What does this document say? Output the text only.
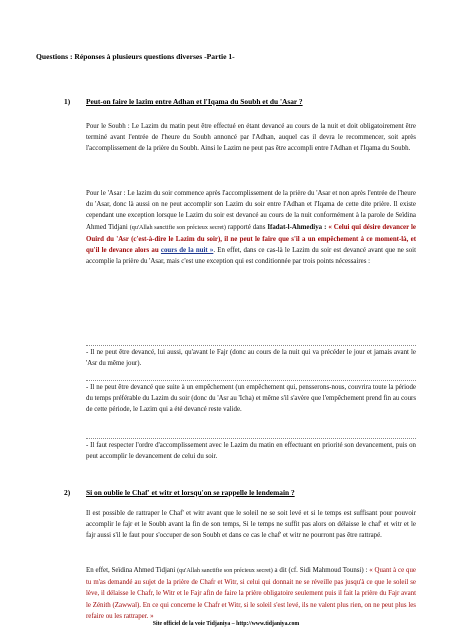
Questions : Réponses à plusieurs questions diverses -Partie 1-
1) Peut-on faire le lazim entre Adhan et l'Iqama du Soubh et du 'Asar ?

Pour le Soubh : Le Lazim du matin peut être effectué en étant devancé au cours de la nuit et doit obligatoirement être terminé avant l'entrée de l'heure du Soubh annoncé par l'Adhan, auquel cas il devra le recommencer, soit après l'accomplissement de la prière du Soubh. Ainsi le Lazim ne peut pas être accompli entre l'Adhan et l'Iqama du Soubh.

Pour le 'Asar : Le lazim du soir commence après l'accomplissement de la prière du 'Asar et non après l'entrée de l'heure du 'Asar, donc là aussi on ne peut accomplir son Lazim du soir entre l'Adhan et l'Iqama de cette dite prière. Il existe cependant une exception lorsque le Lazim du soir est devancé au cours de la nuit conformément à la parole de Seïdina Ahmed Tidjani (qu'Allah sanctifie son précieux secret) rapporté dans Ifadat-l-Ahmediya : « Celui qui désire devancer le Ouird du 'Asr (c'est-à-dire le Lazim du soir), il ne peut le faire que s'il a un empêchement à ce moment-là, et qu'il le devance alors au cours de la nuit ». En effet, dans ce cas-là le Lazim du soir est devancé avant que ne soit accomplie la prière du 'Asar, mais c'est une exception qui est conditionnée par trois points nécessaires :

- Il ne peut être devancé, lui aussi, qu'avant le Fajr (donc au cours de la nuit qui va précéder le jour et jamais avant le 'Asr du même jour).
- Il ne peut être devancé que suite à un empêchement (un empêchement qui, pensserons-nous, couvrira toute la période du temps préférable du Lazim du soir (donc du 'Asr au 'Icha) et même s'il s'avère que l'empêchement prend fin au cours de cette période, le Lazim qui a été devancé reste valide.
- Il faut respecter l'ordre d'accomplissement avec le Lazim du matin en effectuant en priorité son devancement, puis on peut accomplir le devancement de celui du soir.
2) Si on oublie le Chaf' et witr et lorsqu'on se rappelle le lendemain ?

Il est possible de rattraper le Chaf' et witr avant que le soleil ne se soit levé et si le temps est suffisant pour pouvoir accomplir le fajr et le Soubh avant la fin de son temps, Si le temps ne suffit pas alors on délaisse le chaf' et witr et le fajr aussi s'il le faut pour s'occuper de son Soubh et dans ce cas le chaf' et witr ne pourront pas être rattrapé.

En effet, Seïdina Ahmed Tidjani (qu'Allah sanctifie son précieux secret) a dit (cf. Sidi Mahmoud Tounsi) : « Quant à ce que tu m'as demandé au sujet de la prière de Chafr et Witr, si celui qui donnait ne se réveille pas jusqu'à ce que le soleil se lève, il délaisse le Chafr, le Witr et le Fajr afin de faire la prière obligatoire seulement puis il fait la prière du Fajr avant le Zénith (Zawwal). En ce qui concerne le Chafr et Witr, si le soleil s'est levé, ils ne valent plus rien, on ne peut plus les refaire ou les rattraper. »

Site officiel de la voie Tidjaniya – http://www.tidjaniya.com
